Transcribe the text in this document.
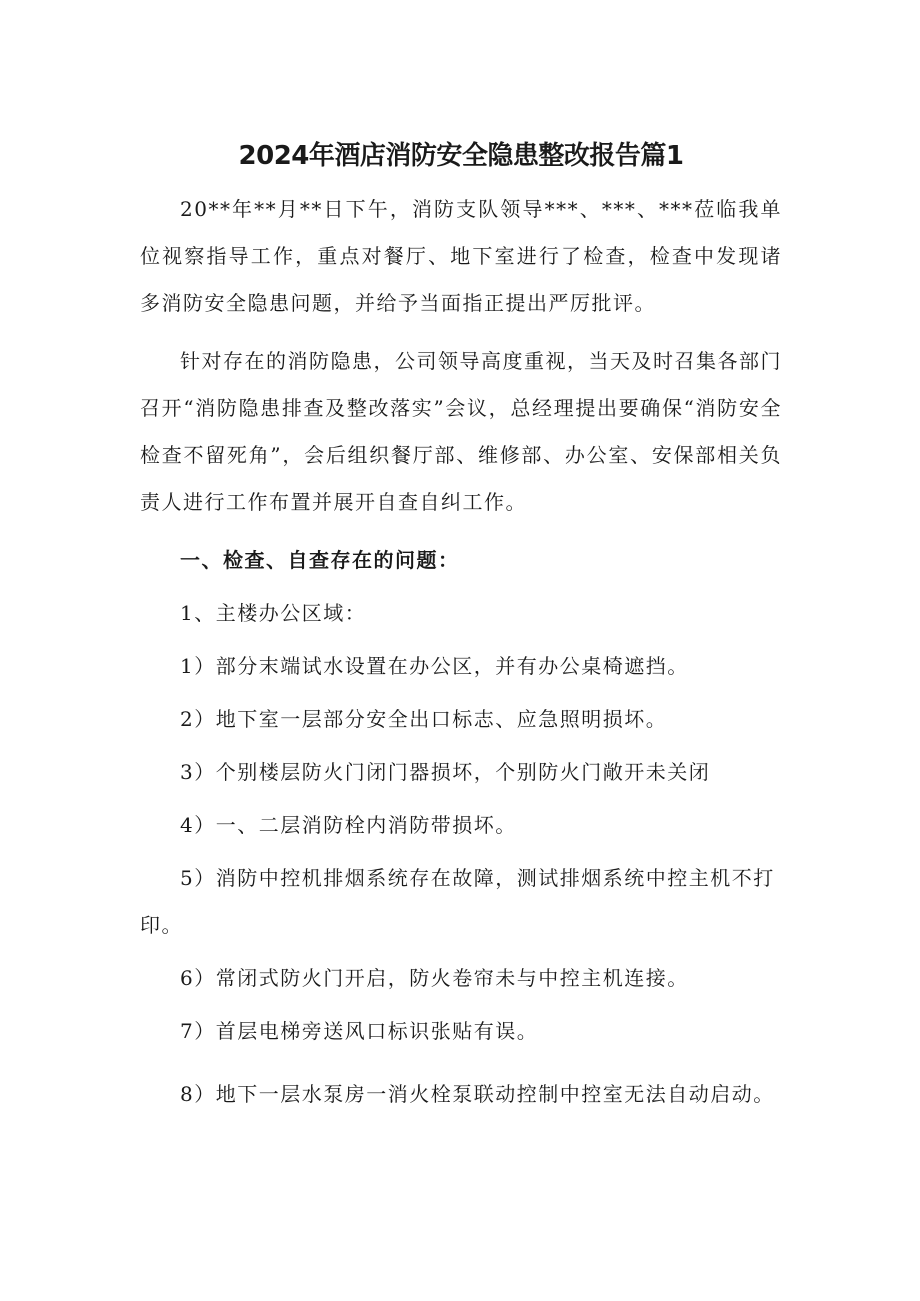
2024年酒店消防安全隐患整改报告篇1

20**年**月**日下午，消防支队领导***、***、***莅临我单位视察指导工作，重点对餐厅、地下室进行了检查，检查中发现诸多消防安全隐患问题，并给予当面指正提出严厉批评。

针对存在的消防隐患，公司领导高度重视，当天及时召集各部门召开“消防隐患排查及整改落实”会议，总经理提出要确保“消防安全检查不留死角”，会后组织餐厅部、维修部、办公室、安保部相关负责人进行工作布置并展开自查自纠工作。

一、检查、自查存在的问题：

1、主楼办公区域：

1）部分末端试水设置在办公区，并有办公桌椅遮挡。

2）地下室一层部分安全出口标志、应急照明损坏。

3）个别楼层防火门闭门器损坏，个别防火门敞开未关闭

4）一、二层消防栓内消防带损坏。

5）消防中控机排烟系统存在故障，测试排烟系统中控主机不打印。

6）常闭式防火门开启，防火卷帘未与中控主机连接。

7）首层电梯旁送风口标识张贴有误。

8）地下一层水泵房一消火栓泵联动控制中控室无法自动启动。
